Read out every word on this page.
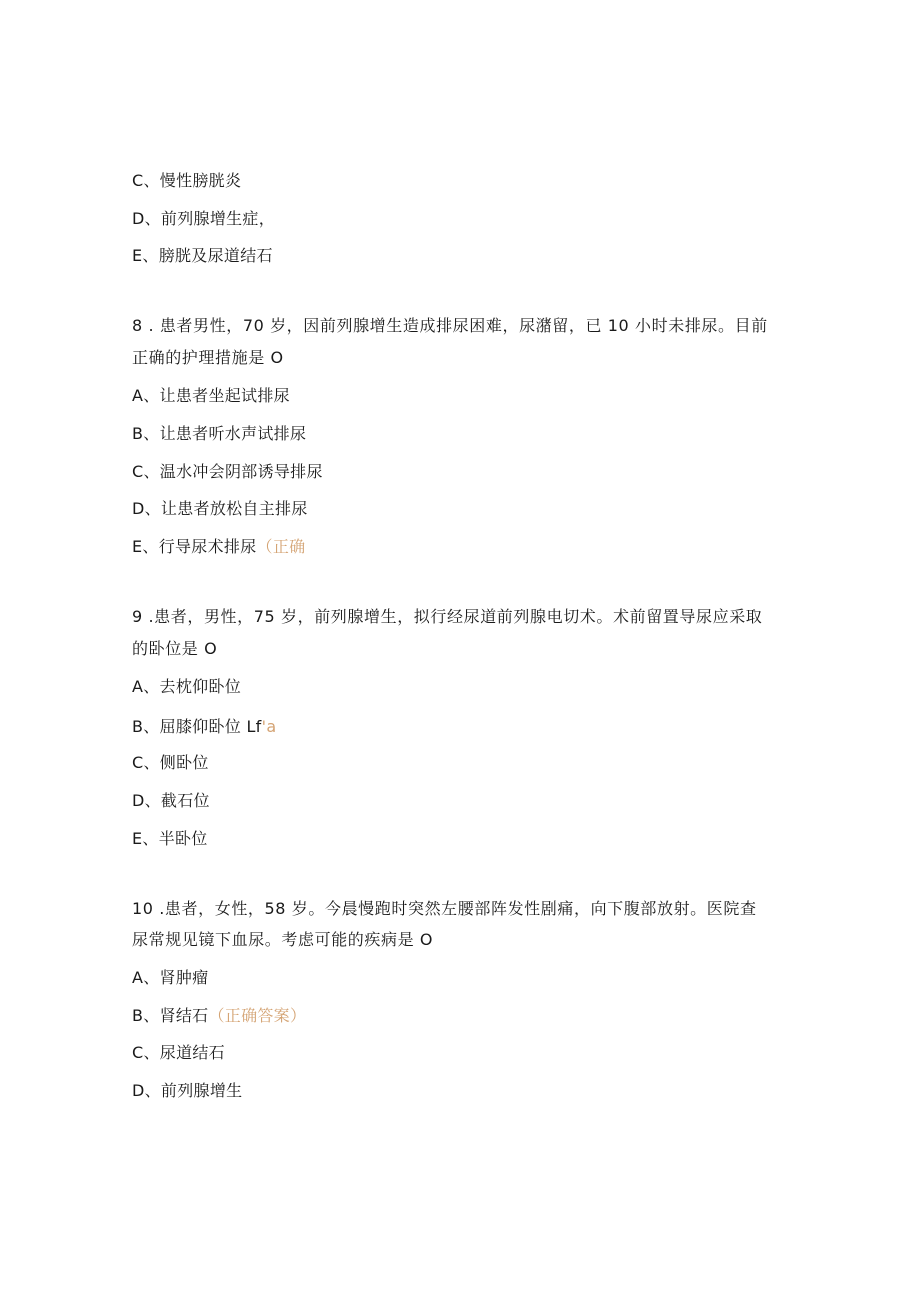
C、慢性膀胱炎
D、前列腺增生症，
E、膀胱及尿道结石
8 . 患者男性，70 岁，因前列腺增生造成排尿困难，尿潴留，已 10 小时未排尿。目前
正确的护理措施是 O
A、让患者坐起试排尿
B、让患者听水声试排尿
C、温水冲会阴部诱导排尿
D、让患者放松自主排尿
E、行导尿术排尿（正确
9 .患者，男性，75 岁，前列腺增生，拟行经尿道前列腺电切术。术前留置导尿应采取
的卧位是 O
A、去枕仰卧位
B、屈膝仰卧位 Lf'a
C、侧卧位
D、截石位
E、半卧位
10 .患者，女性，58 岁。今晨慢跑时突然左腰部阵发性剧痛，向下腹部放射。医院查
尿常规见镜下血尿。考虑可能的疾病是 O
A、肾肿瘤
B、肾结石（正确答案）
C、尿道结石
D、前列腺增生
